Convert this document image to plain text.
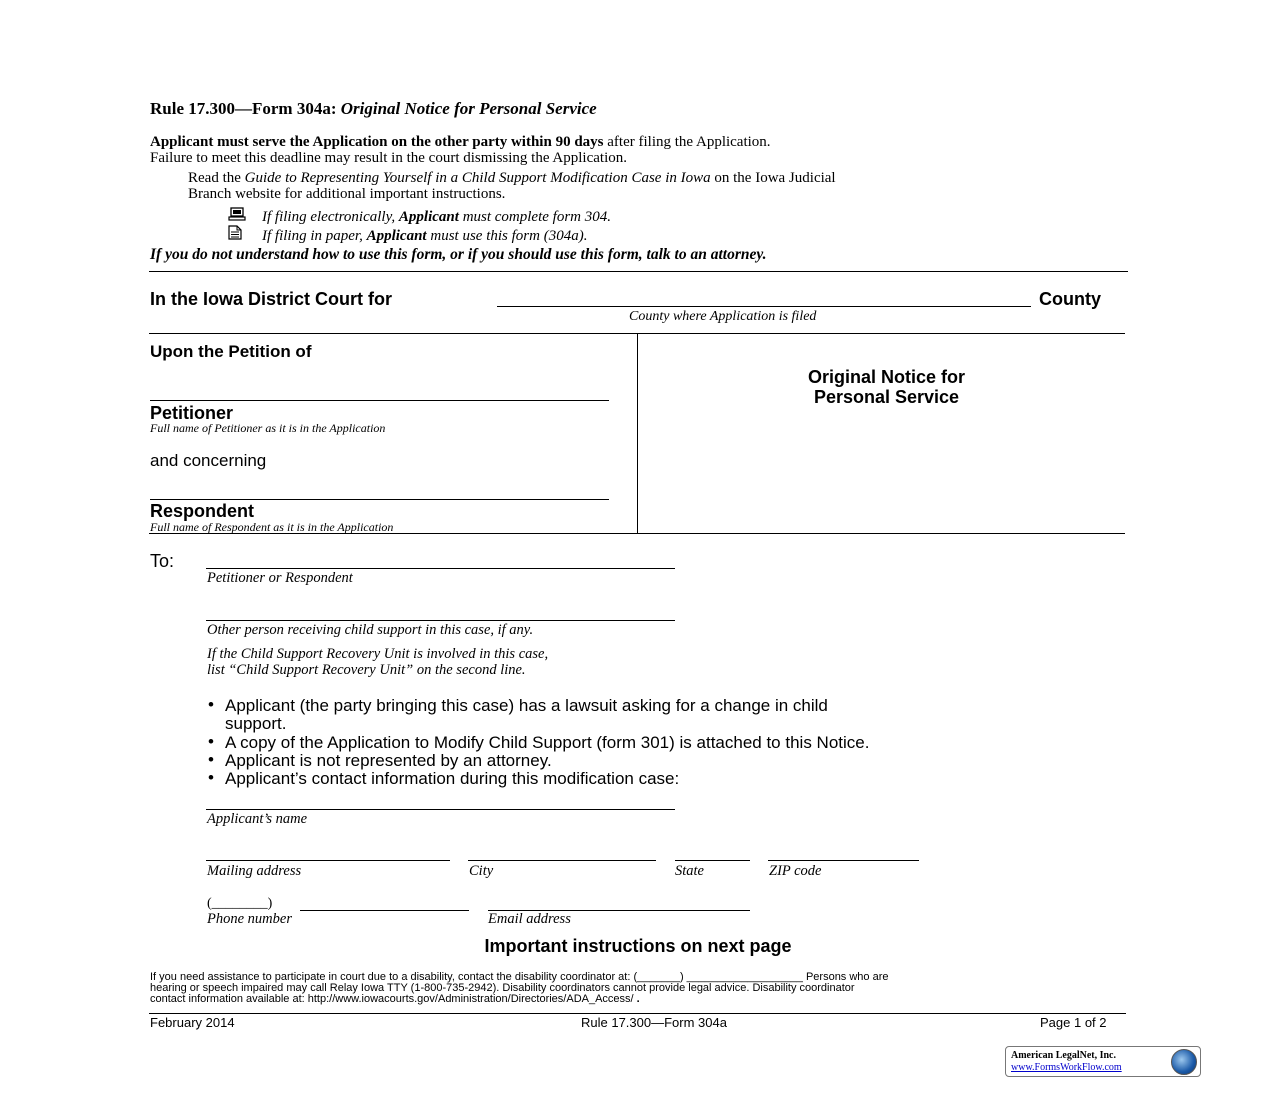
Rule 17.300—Form 304a: Original Notice for Personal Service
Applicant must serve the Application on the other party within 90 days after filing the Application.
Failure to meet this deadline may result in the court dismissing the Application.
Read the Guide to Representing Yourself in a Child Support Modification Case in Iowa on the Iowa Judicial
Branch website for additional important instructions.
If filing electronically, Applicant must complete form 304.
If filing in paper, Applicant must use this form (304a).
If you do not understand how to use this form, or if you should use this form, talk to an attorney.
In the Iowa District Court for	County
County where Application is filed
Upon the Petition of
Petitioner
Full name of Petitioner as it is in the Application
and concerning
Respondent
Full name of Respondent as it is in the Application
Original Notice for
Personal Service
To:
Petitioner or Respondent
Other person receiving child support in this case, if any.
If the Child Support Recovery Unit is involved in this case,
list “Child Support Recovery Unit” on the second line.
• Applicant (the party bringing this case) has a lawsuit asking for a change in child
support.
• A copy of the Application to Modify Child Support (form 301) is attached to this Notice.
• Applicant is not represented by an attorney.
• Applicant’s contact information during this modification case:
Applicant’s name
Mailing address	City	State	ZIP code
(________)
Phone number	Email address
Important instructions on next page
If you need assistance to participate in court due to a disability, contact the disability coordinator at: (_______) ___________________ Persons who are
hearing or speech impaired may call Relay Iowa TTY (1-800-735-2942). Disability coordinators cannot provide legal advice. Disability coordinator
contact information available at: http://www.iowacourts.gov/Administration/Directories/ADA_Access/ .
February 2014	Rule 17.300—Form 304a	Page 1 of 2
American LegalNet, Inc.
www.FormsWorkFlow.com
